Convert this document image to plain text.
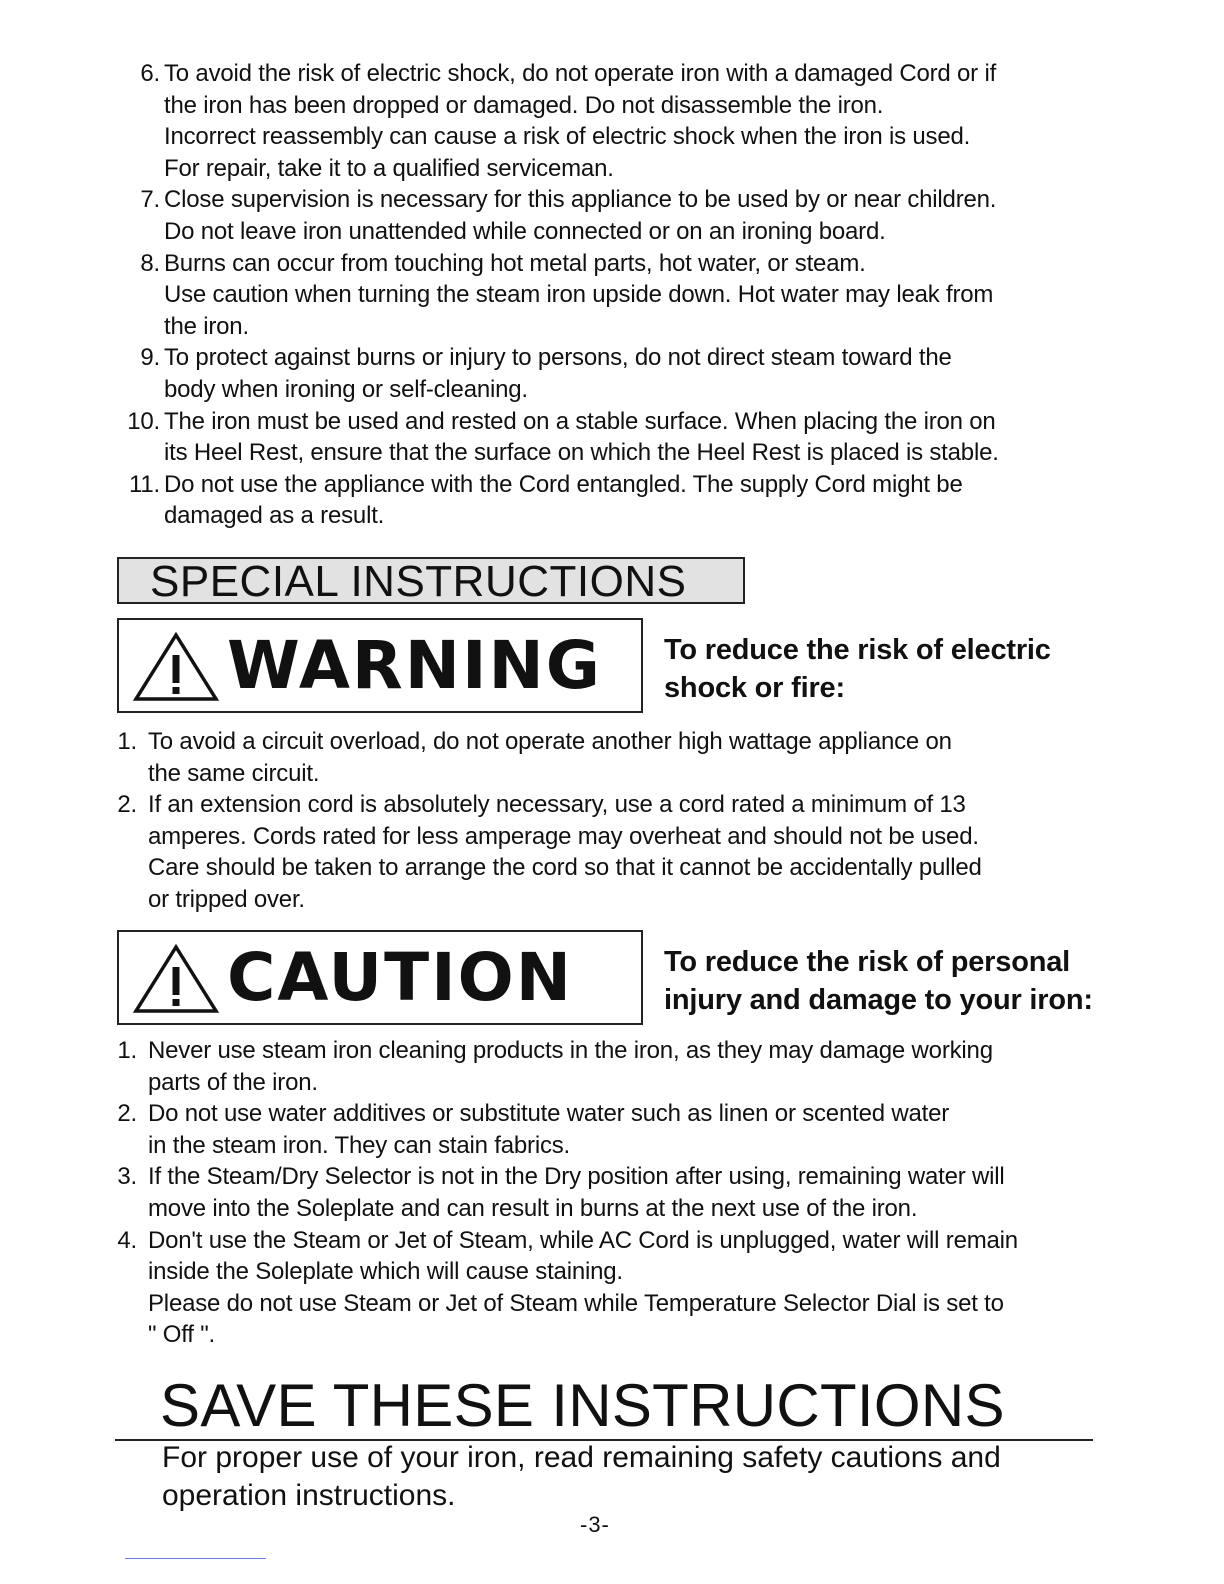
6. To avoid the risk of electric shock, do not operate iron with a damaged Cord or if
the iron has been dropped or damaged. Do not disassemble the iron.
Incorrect reassembly can cause a risk of electric shock when the iron is used.
For repair, take it to a qualified serviceman.
7. Close supervision is necessary for this appliance to be used by or near children.
Do not leave iron unattended while connected or on an ironing board.
8. Burns can occur from touching hot metal parts, hot water, or steam.
Use caution when turning the steam iron upside down. Hot water may leak from
the iron.
9. To protect against burns or injury to persons, do not direct steam toward the
body when ironing or self-cleaning.
10. The iron must be used and rested on a stable surface. When placing the iron on
its Heel Rest, ensure that the surface on which the Heel Rest is placed is stable.
11. Do not use the appliance with the Cord entangled. The supply Cord might be
damaged as a result.
SPECIAL INSTRUCTIONS
WARNING To reduce the risk of electric
shock or fire:
1. To avoid a circuit overload, do not operate another high wattage appliance on
the same circuit.
2. If an extension cord is absolutely necessary, use a cord rated a minimum of 13
amperes. Cords rated for less amperage may overheat and should not be used.
Care should be taken to arrange the cord so that it cannot be accidentally pulled
or tripped over.
CAUTION	To reduce the risk of personal
injury and damage to your iron:
1. Never use steam iron cleaning products in the iron, as they may damage working
parts of the iron.
2. Do not use water additives or substitute water such as linen or scented water
in the steam iron. They can stain fabrics.
3. If the Steam/Dry Selector is not in the Dry position after using, remaining water will
move into the Soleplate and can result in burns at the next use of the iron.
4. Don't use the Steam or Jet of Steam, while AC Cord is unplugged, water will remain
inside the Soleplate which will cause staining.
Please do not use Steam or Jet of Steam while Temperature Selector Dial is set to
" Off ".
SAVE THESE INSTRUCTIONS
For proper use of your iron, read remaining safety cautions and
operation instructions.
-3-
